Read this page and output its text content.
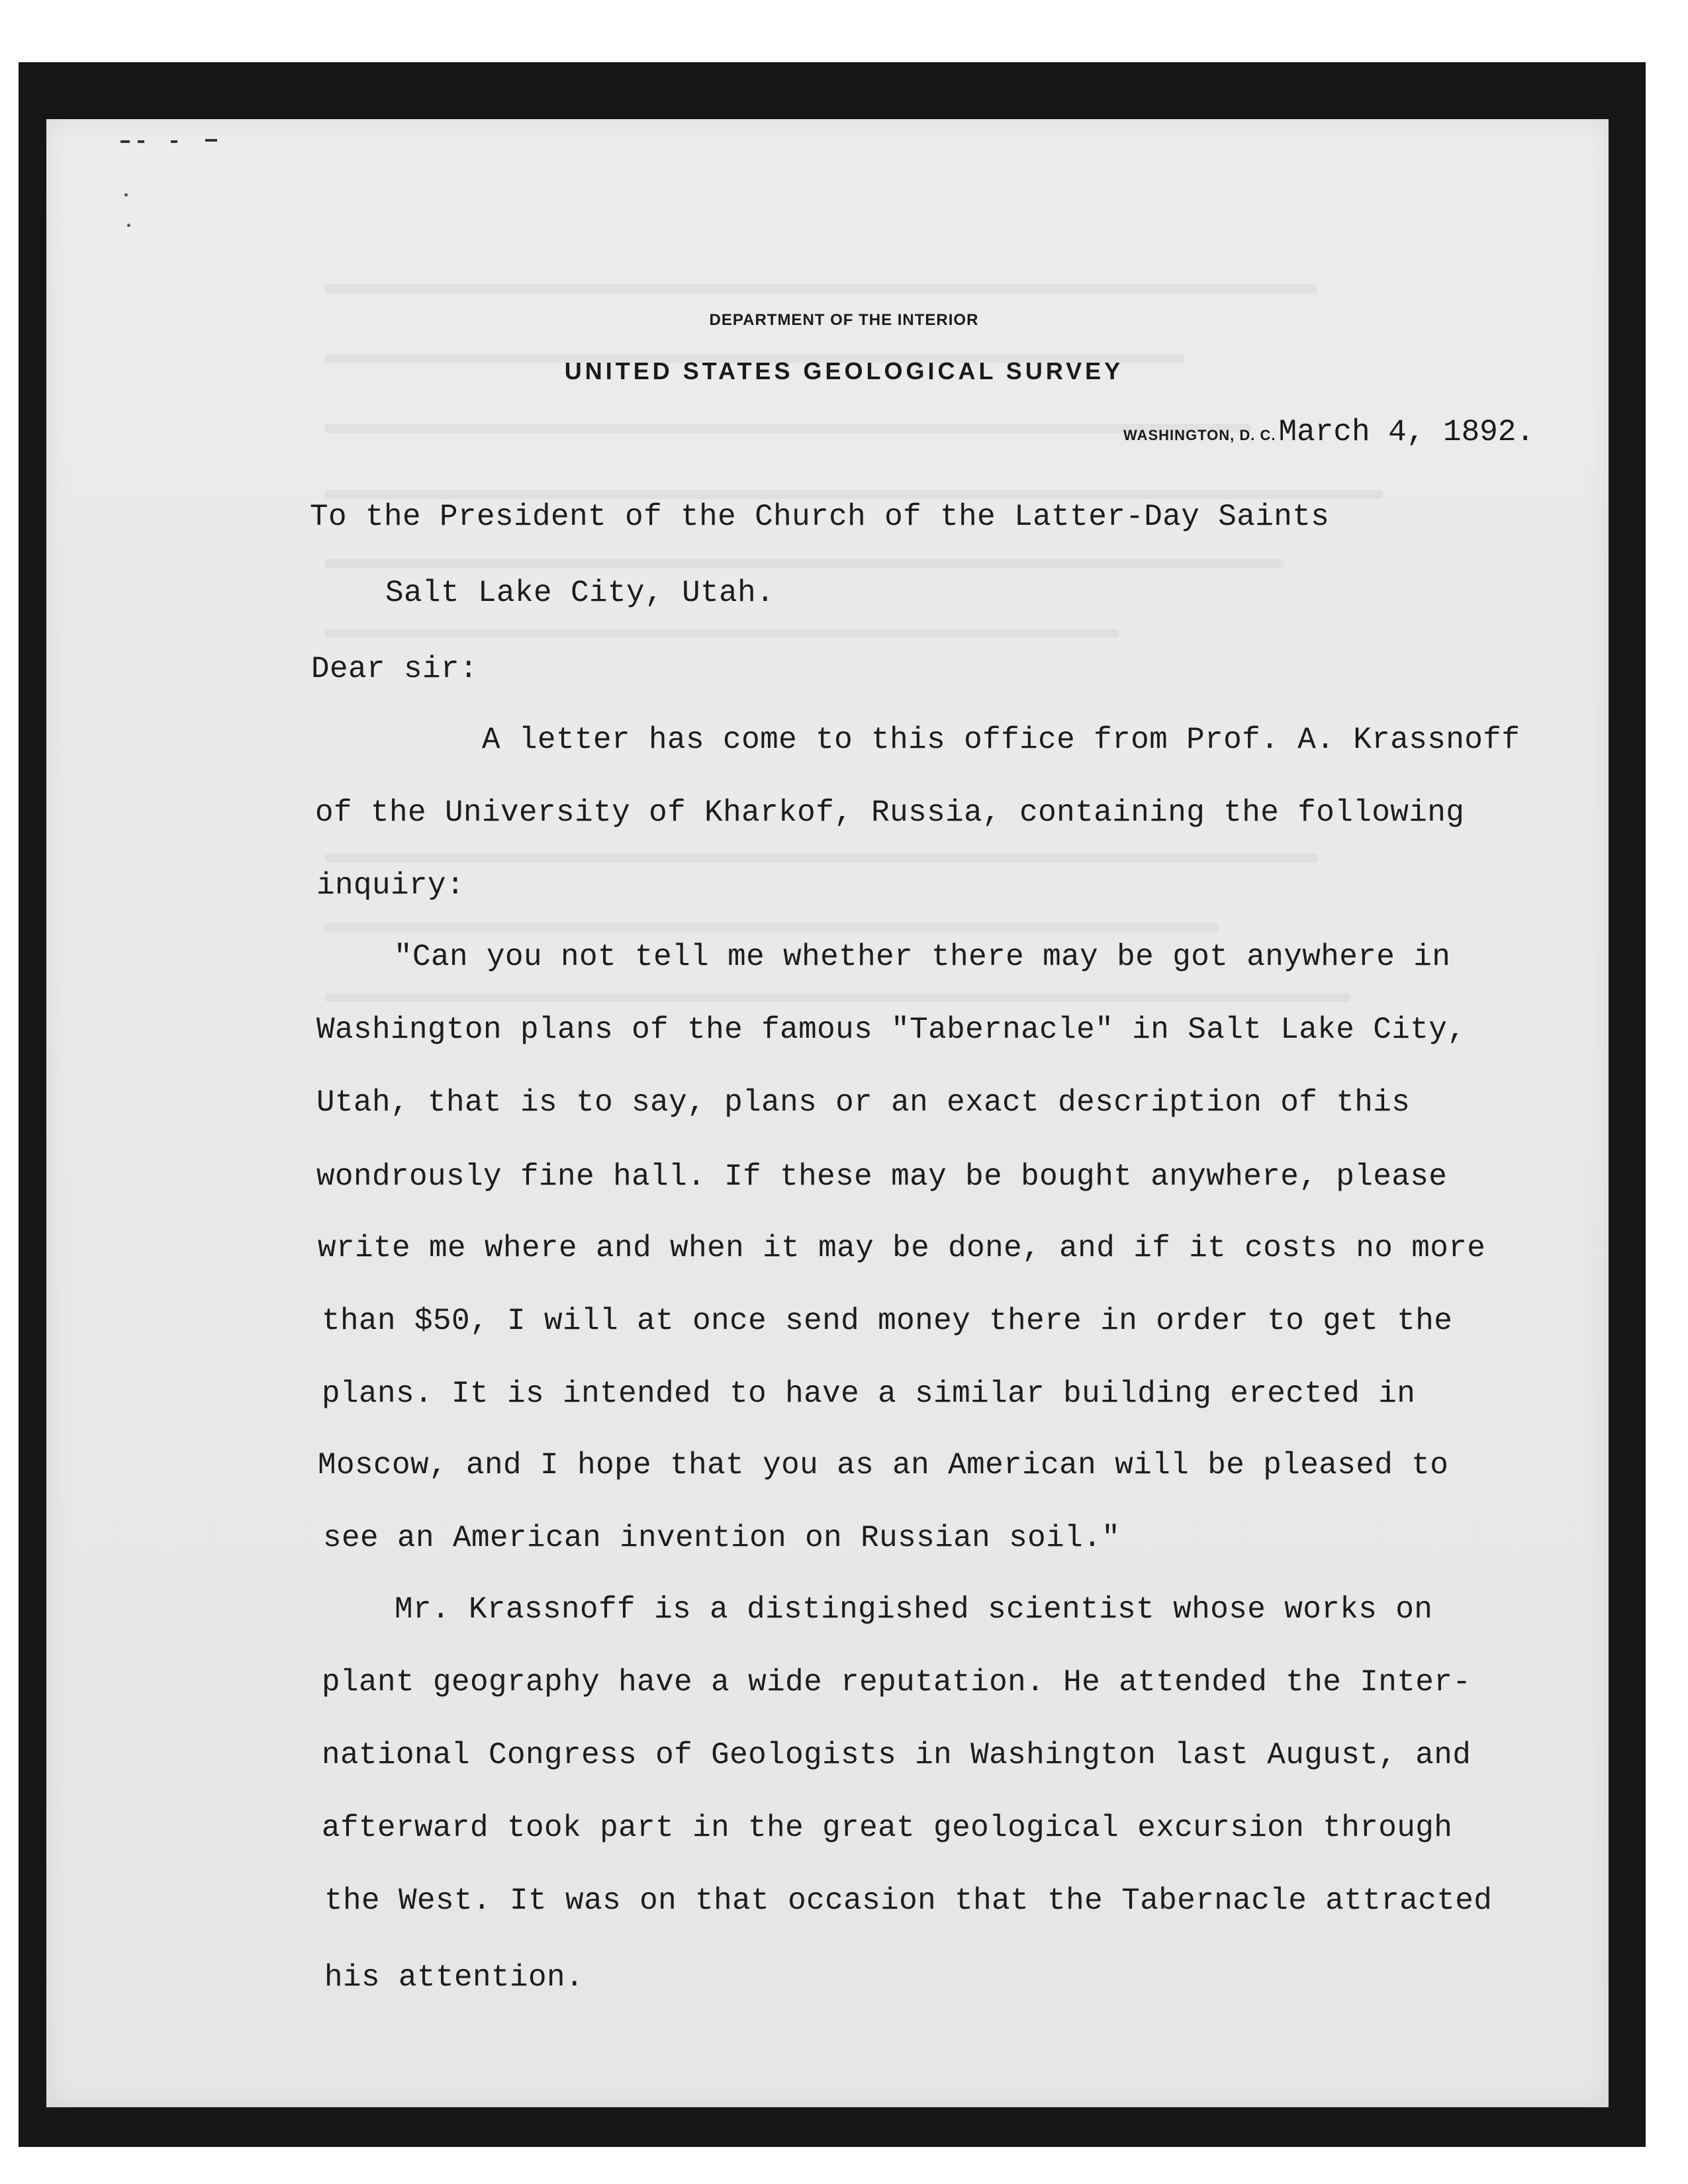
DEPARTMENT OF THE INTERIOR
UNITED STATES GEOLOGICAL SURVEY
WASHINGTON, D. C.March 4, 1892.
To the President of the Church of the Latter-Day Saints
Salt Lake City, Utah.
Dear sir:
A letter has come to this office from Prof. A. Krassnoff
of the University of Kharkof, Russia, containing the following
inquiry:
"Can you not tell me whether there may be got anywhere in
Washington plans of the famous "Tabernacle" in Salt Lake City,
Utah, that is to say, plans or an exact description of this
wondrously fine hall. If these may be bought anywhere, please
write me where and when it may be done, and if it costs no more
than $50, I will at once send money there in order to get the
plans. It is intended to have a similar building erected in
Moscow, and I hope that you as an American will be pleased to
see an American invention on Russian soil."
Mr. Krassnoff is a distingished scientist whose works on
plant geography have a wide reputation. He attended the Inter-
national Congress of Geologists in Washington last August, and
afterward took part in the great geological excursion through
the West. It was on that occasion that the Tabernacle attracted
his attention.
